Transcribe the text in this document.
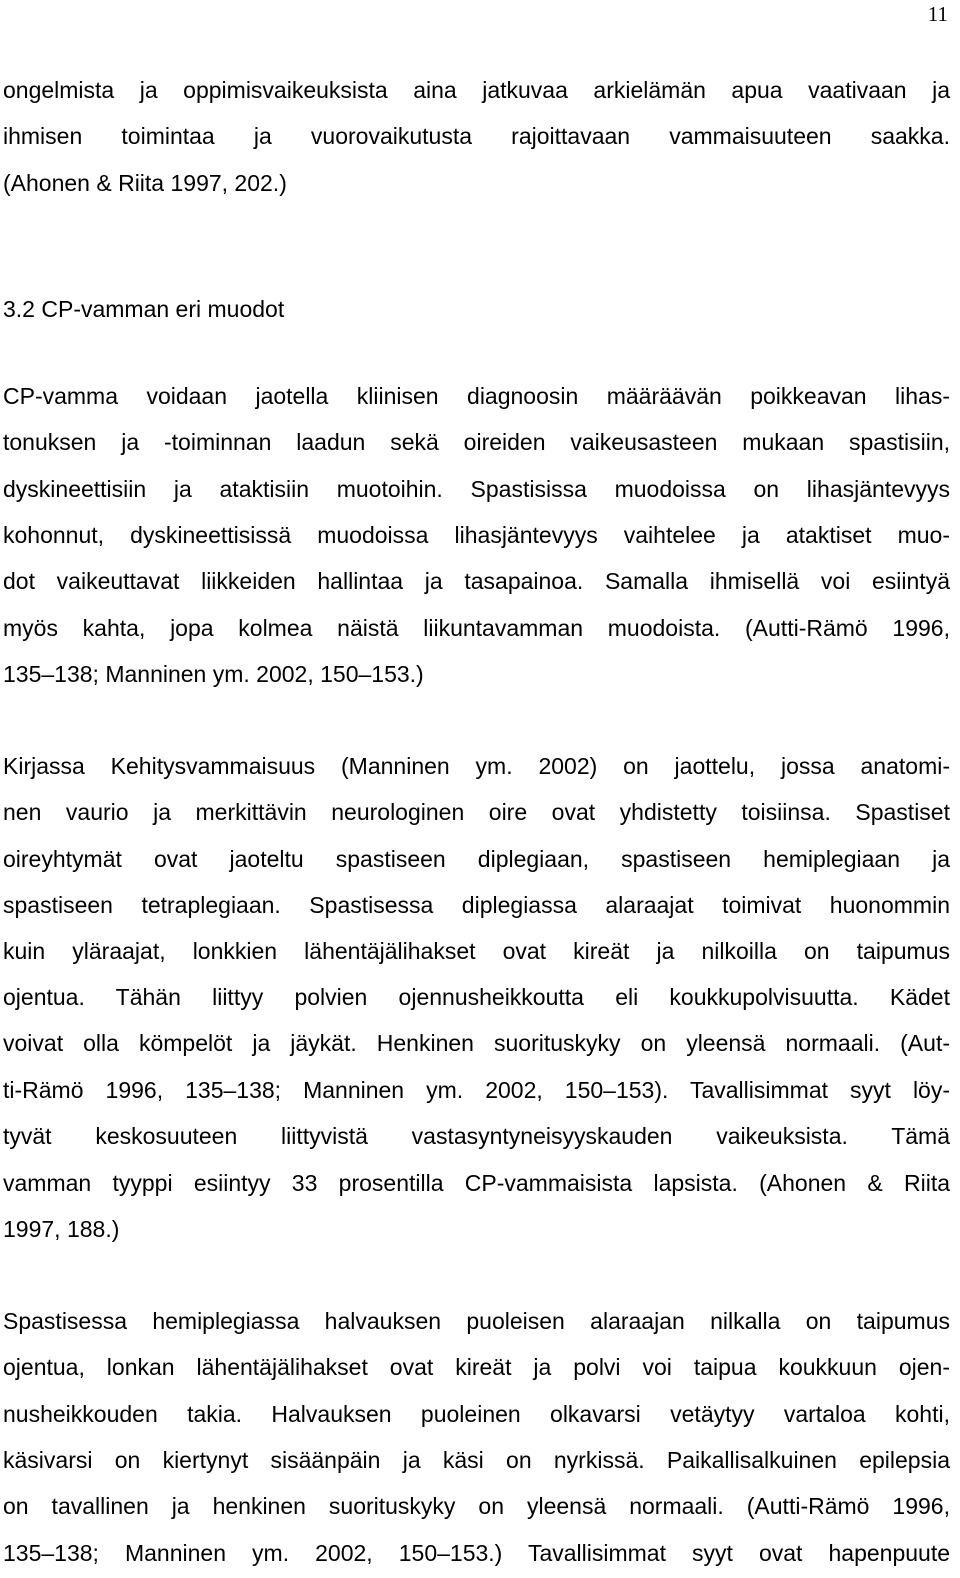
11
ongelmista ja oppimisvaikeuksista aina jatkuvaa arkielämän apua vaativaan ja
ihmisen toimintaa ja vuorovaikutusta rajoittavaan vammaisuuteen saakka.
(Ahonen & Riita 1997, 202.)
3.2 CP-vamman eri muodot
CP-vamma voidaan jaotella kliinisen diagnoosin määräävän poikkeavan lihas-
tonuksen ja -toiminnan laadun sekä oireiden vaikeusasteen mukaan spastisiin,
dyskineettisiin ja ataktisiin muotoihin. Spastisissa muodoissa on lihasjäntevyys
kohonnut, dyskineettisissä muodoissa lihasjäntevyys vaihtelee ja ataktiset muo-
dot vaikeuttavat liikkeiden hallintaa ja tasapainoa. Samalla ihmisellä voi esiintyä
myös kahta, jopa kolmea näistä liikuntavamman muodoista. (Autti-Rämö 1996,
135–138; Manninen ym. 2002, 150–153.)
Kirjassa Kehitysvammaisuus (Manninen ym. 2002) on jaottelu, jossa anatomi-
nen vaurio ja merkittävin neurologinen oire ovat yhdistetty toisiinsa. Spastiset
oireyhtymät ovat jaoteltu spastiseen diplegiaan, spastiseen hemiplegiaan ja
spastiseen tetraplegiaan. Spastisessa diplegiassa alaraajat toimivat huonommin
kuin yläraajat, lonkkien lähentäjälihakset ovat kireät ja nilkoilla on taipumus
ojentua. Tähän liittyy polvien ojennusheikkoutta eli koukkupolvisuutta. Kädet
voivat olla kömpelöt ja jäykät. Henkinen suorituskyky on yleensä normaali. (Aut-
ti-Rämö 1996, 135–138; Manninen ym. 2002, 150–153). Tavallisimmat syyt löy-
tyvät keskosuuteen liittyvistä vastasyntyneisyyskauden vaikeuksista. Tämä
vamman tyyppi esiintyy 33 prosentilla CP-vammaisista lapsista. (Ahonen & Riita
1997, 188.)
Spastisessa hemiplegiassa halvauksen puoleisen alaraajan nilkalla on taipumus
ojentua, lonkan lähentäjälihakset ovat kireät ja polvi voi taipua koukkuun ojen-
nusheikkouden takia. Halvauksen puoleinen olkavarsi vetäytyy vartaloa kohti,
käsivarsi on kiertynyt sisäänpäin ja käsi on nyrkissä. Paikallisalkuinen epilepsia
on tavallinen ja henkinen suorituskyky on yleensä normaali. (Autti-Rämö 1996,
135–138; Manninen ym. 2002, 150–153.) Tavallisimmat syyt ovat hapenpuute
